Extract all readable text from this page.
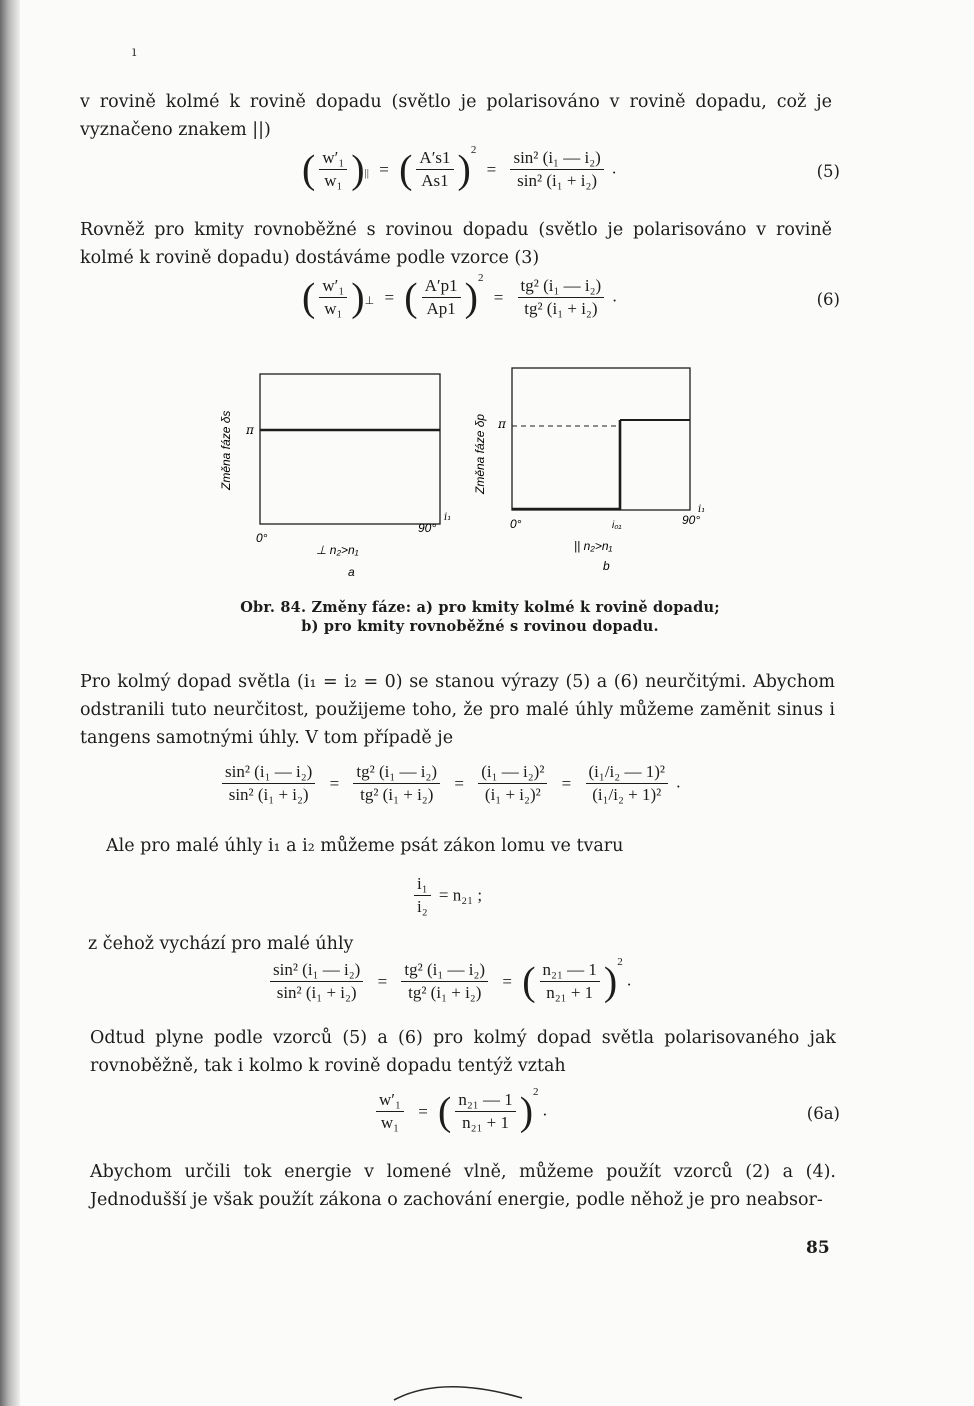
ı
v rovině kolmé k rovině dopadu (světlo je polarisováno v rovině dopadu, což je vyznačeno znakem ||)
( $\frac{\text{w′₁}}{\text{w₁}}$ )|| = ( $\frac{A's1}{As1} )^2 = \frac{\text{sin² (i₁ — i₂)}}{\text{sin² (i₁ + i₂)}}$ .	(5)
Rovněž pro kmity rovnoběžné s rovinou dopadu (světlo je polarisováno v rovině kolmé k rovině dopadu) dostáváme podle vzorce (3)
( $\frac{\text{w′₁}}{\text{w₁}}$ )⊥ = ( $\frac{A'p1}{Ap1} )^2 = \frac{\text{tg² (i₁ — i₂)}}{\text{tg² (i₁ + i₂)}}$ .	(6)
Změna fáze δs π
0°
90°
i₁
⊥ n₂>n₁
a
Změna fáze δp π
0°	i₀₁	90°
i₁
|| n₂>n₁
b
Obr. 84. Změny fáze: a) pro kmity kolmé k rovině dopadu;
b) pro kmity rovnoběžné s rovinou dopadu.
Pro kolmý dopad světla (i₁ = i₂ = 0) se stanou výrazy (5) a (6) neurčitými. Abychom odstranili tuto neurčitost, použijeme toho, že pro malé úhly můžeme zaměnit sinus i tangens samotnými úhly. V tom případě je
$\frac{\text{sin² (i₁ — i₂)}}{\text{sin² (i₁ + i₂)}} = \frac{\text{tg² (i₁ — i₂)}}{\text{tg² (i₁ + i₂)}} = \frac{\text{(i₁ — i₂)²}}{\text{(i₁ + i₂)²}} = \frac{\text{(i₁/i₂ — 1)²}}{\text{(i₁/i₂ + 1)²}}$ .
Ale pro malé úhly i₁ a i₂ můžeme psát zákon lomu ve tvaru
$\frac{\text{i₁}}{\text{i₂}} = n_{21}$ ;
z čehož vychází pro malé úhly
$\frac{\text{sin² (i₁ — i₂)}}{\text{sin² (i₁ + i₂)}} = \frac{\text{tg² (i₁ — i₂)}}{\text{tg² (i₁ + i₂)}}$ = ( $\frac{\text{n₂₁ — 1}}{\text{n₂₁ + 1}} )^2$ .
Odtud plyne podle vzorců (5) a (6) pro kolmý dopad světla polarisovaného jak rovnoběžně, tak i kolmo k rovině dopadu tentýž vztah
$\frac{\text{w′₁}}{\text{w₁}}$ = ( $\frac{\text{n₂₁ — 1}}{\text{n₂₁ + 1}} )^2$ .	(6a)
Abychom určili tok energie v lomené vlně, můžeme použít vzorců (2) a (4). Jednodušší je však použít zákona o zachování energie, podle něhož je pro neabsor-
85
